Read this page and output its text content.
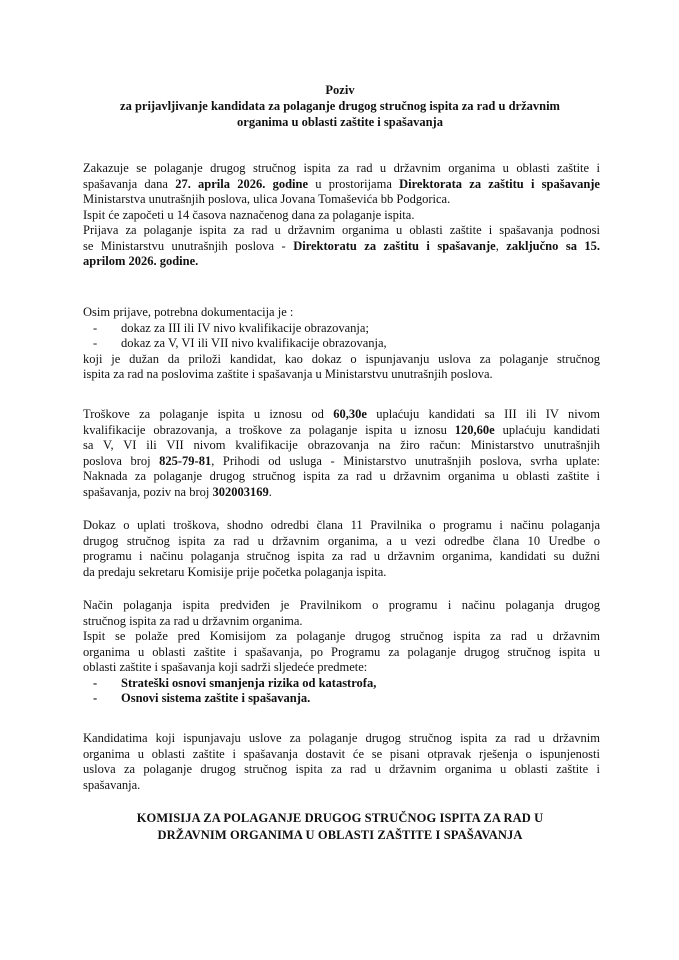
Poziv
za prijavljivanje kandidata za polaganje drugog stručnog ispita za rad u državnim
organima u oblasti zaštite i spašavanja
Zakazuje se polaganje drugog stručnog ispita za rad u državnim organima u oblasti zaštite i
spašavanja dana 27. aprila 2026. godine u prostorijama Direktorata za zaštitu i spašavanje
Ministarstva unutrašnjih poslova, ulica Jovana Tomaševića bb Podgorica.
Ispit će započeti u 14 časova naznačenog dana za polaganje ispita.
Prijava za polaganje ispita za rad u državnim organima u oblasti zaštite i spašavanja podnosi
se Ministarstvu unutrašnjih poslova - Direktoratu za zaštitu i spašavanje, zaključno sa 15.
aprilom 2026. godine.
Osim prijave, potrebna dokumentacija je :
- dokaz za III ili IV nivo kvalifikacije obrazovanja;
- dokaz za V, VI ili VII nivo kvalifikacije obrazovanja,
koji je dužan da priloži kandidat, kao dokaz o ispunjavanju uslova za polaganje stručnog
ispita za rad na poslovima zaštite i spašavanja u Ministarstvu unutrašnjih poslova.
Troškove za polaganje ispita u iznosu od 60,30e uplaćuju kandidati sa III ili IV nivom
kvalifikacije obrazovanja, a troškove za polaganje ispita u iznosu 120,60e uplaćuju kandidati
sa V, VI ili VII nivom kvalifikacije obrazovanja na žiro račun: Ministarstvo unutrašnjih
poslova broj 825-79-81, Prihodi od usluga - Ministarstvo unutrašnjih poslova, svrha uplate:
Naknada za polaganje drugog stručnog ispita za rad u državnim organima u oblasti zaštite i
spašavanja, poziv na broj 302003169.
Dokaz o uplati troškova, shodno odredbi člana 11 Pravilnika o programu i načinu polaganja
drugog stručnog ispita za rad u državnim organima, a u vezi odredbe člana 10 Uredbe o
programu i načinu polaganja stručnog ispita za rad u državnim organima, kandidati su dužni
da predaju sekretaru Komisije prije početka polaganja ispita.
Način polaganja ispita predviđen je Pravilnikom o programu i načinu polaganja drugog
stručnog ispita za rad u državnim organima.
Ispit se polaže pred Komisijom za polaganje drugog stručnog ispita za rad u državnim
organima u oblasti zaštite i spašavanja, po Programu za polaganje drugog stručnog ispita u
oblasti zaštite i spašavanja koji sadrži sljedeće predmete:
- Strateški osnovi smanjenja rizika od katastrofa,
- Osnovi sistema zaštite i spašavanja.
Kandidatima koji ispunjavaju uslove za polaganje drugog stručnog ispita za rad u državnim
organima u oblasti zaštite i spašavanja dostavit će se pisani otpravak rješenja o ispunjenosti
uslova za polaganje drugog stručnog ispita za rad u državnim organima u oblasti zaštite i
spašavanja.
KOMISIJA ZA POLAGANJE DRUGOG STRUČNOG ISPITA ZA RAD U
DRŽAVNIM ORGANIMA U OBLASTI ZAŠTITE I SPAŠAVANJA
